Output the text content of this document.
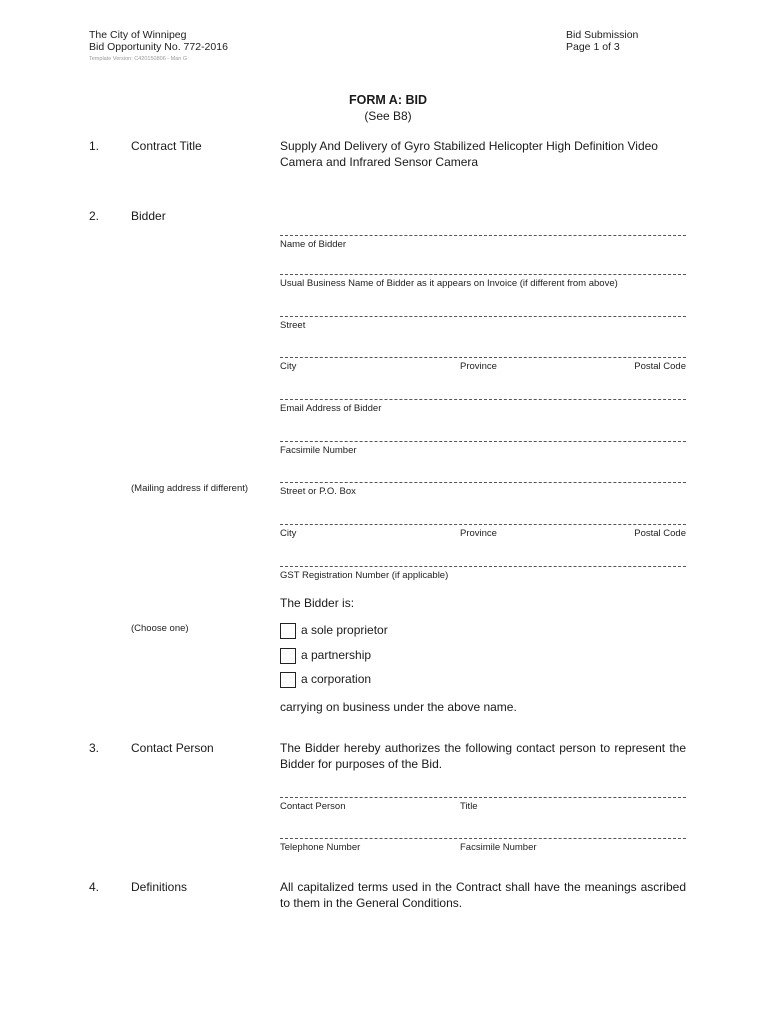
The City of Winnipeg
Bid Opportunity No. 772-2016
Template Version: C420150806 - Man G
Bid Submission
Page 1 of 3
FORM A: BID
(See B8)
1.	Contract Title	Supply And Delivery of Gyro Stabilized Helicopter High Definition Video Camera and Infrared Sensor Camera
2.	Bidder
Name of Bidder
Usual Business Name of Bidder as it appears on Invoice (if different from above)
Street
City	Province	Postal Code
Email Address of Bidder
Facsimile Number
(Mailing address if different)	Street or P.O. Box
City	Province	Postal Code
GST Registration Number (if applicable)
The Bidder is:
(Choose one)	a sole proprietor
a partnership
a corporation
carrying on business under the above name.
3.	Contact Person	The Bidder hereby authorizes the following contact person to represent the Bidder for purposes of the Bid.
Contact Person	Title
Telephone Number	Facsimile Number
4.	Definitions	All capitalized terms used in the Contract shall have the meanings ascribed to them in the General Conditions.
